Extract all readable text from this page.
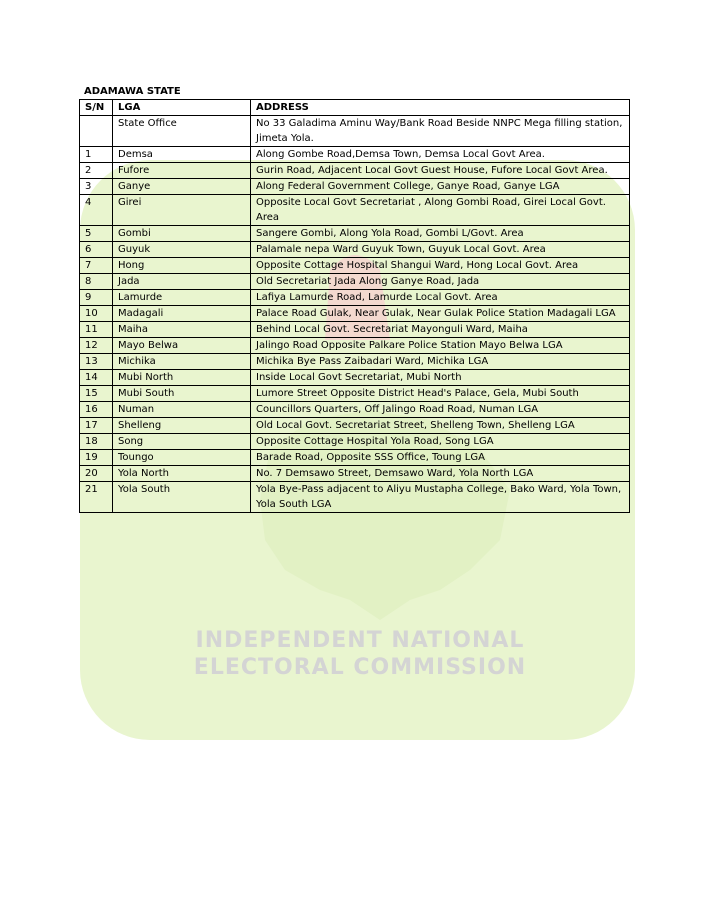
INDEPENDENT NATIONAL
ELECTORAL COMMISSION
ADAMAWA STATE
S/N	LGA	ADDRESS
	State Office	No 33 Galadima Aminu Way/Bank Road Beside NNPC Mega filling station, Jimeta Yola.
1	Demsa	Along Gombe Road,Demsa Town, Demsa Local Govt Area.
2	Fufore	Gurin Road, Adjacent Local Govt Guest House, Fufore Local Govt Area.
3	Ganye	Along Federal Government College, Ganye Road, Ganye LGA
4	Girei	Opposite Local Govt Secretariat , Along Gombi Road, Girei Local Govt. Area
5	Gombi	Sangere Gombi, Along Yola Road, Gombi L/Govt. Area
6	Guyuk	Palamale nepa Ward Guyuk Town, Guyuk Local Govt. Area
7	Hong	Opposite Cottage Hospital Shangui Ward, Hong Local Govt. Area
8	Jada	Old Secretariat Jada Along Ganye Road, Jada
9	Lamurde	Lafiya Lamurde Road, Lamurde Local Govt. Area
10	Madagali	Palace Road Gulak, Near Gulak, Near Gulak Police Station Madagali LGA
11	Maiha	Behind Local Govt. Secretariat Mayonguli Ward, Maiha
12	Mayo Belwa	Jalingo Road Opposite Palkare Police Station Mayo Belwa LGA
13	Michika	Michika Bye Pass Zaibadari Ward, Michika LGA
14	Mubi North	Inside Local Govt Secretariat, Mubi North
15	Mubi South	Lumore Street Opposite District Head's Palace, Gela, Mubi South
16	Numan	Councillors Quarters, Off Jalingo Road Road, Numan LGA
17	Shelleng	Old Local Govt. Secretariat Street, Shelleng Town, Shelleng LGA
18	Song	Opposite Cottage Hospital Yola Road, Song LGA
19	Toungo	Barade Road, Opposite SSS Office, Toung LGA
20	Yola North	No. 7 Demsawo Street, Demsawo Ward, Yola North LGA
21	Yola South	Yola Bye-Pass adjacent to Aliyu Mustapha College, Bako Ward, Yola Town, Yola South LGA
